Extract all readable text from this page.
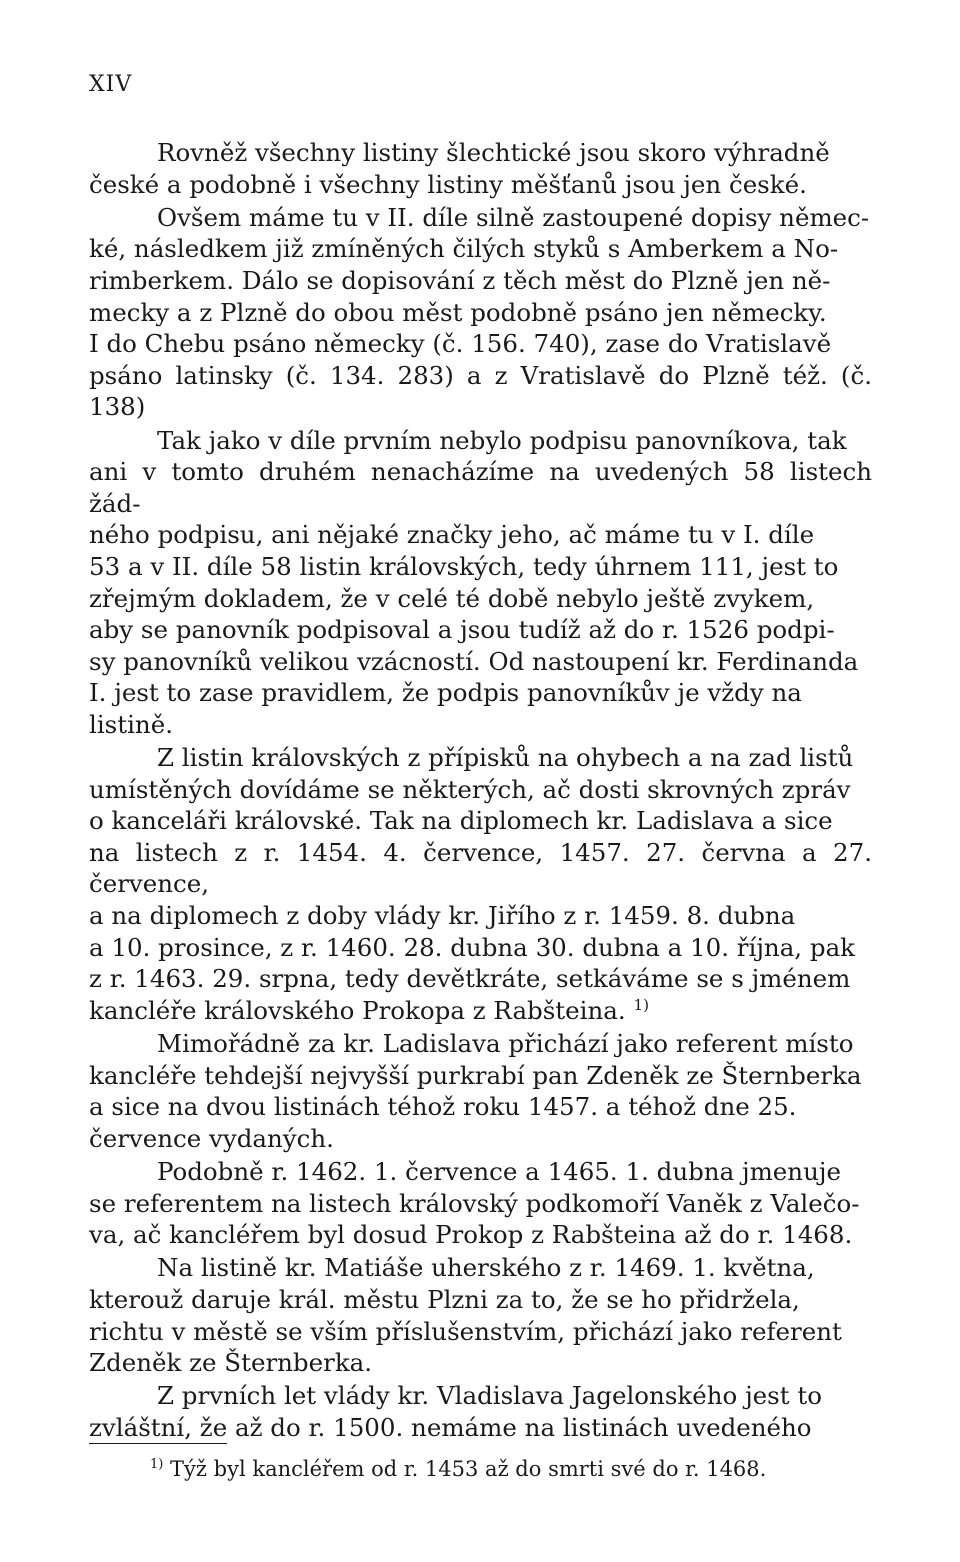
XIV

Rovněž všechny listiny šlechtické jsou skoro výhradně

české a podobně i všechny listiny měšťanů jsou jen české.

Ovšem máme tu v II. díle silně zastoupené dopisy němec-

ké, následkem již zmíněných čilých styků s Amberkem a No-

rimberkem. Dálo se dopisování z těch měst do Plzně jen ně-

mecky a z Plzně do obou měst podobně psáno jen německy.

I do Chebu psáno německy (č. 156. 740), zase do Vratislavě

psáno latinsky (č. 134. 283) a z Vratislavě do Plzně též. (č. 138)

Tak jako v díle prvním nebylo podpisu panovníkova, tak

ani v tomto druhém nenacházíme na uvedených 58 listech žád-

ného podpisu, ani nějaké značky jeho, ač máme tu v I. díle

53 a v II. díle 58 listin královských, tedy úhrnem 111, jest to

zřejmým dokladem, že v celé té době nebylo ještě zvykem,

aby se panovník podpisoval a jsou tudíž až do r. 1526 podpi-

sy panovníků velikou vzácností. Od nastoupení kr. Ferdinanda

I. jest to zase pravidlem, že podpis panovníkův je vždy na

listině.

Z listin královských z přípisků na ohybech a na zad listů

umístěných dovídáme se některých, ač dosti skrovných zpráv

o kanceláři královské. Tak na diplomech kr. Ladislava a sice

na listech z r. 1454. 4. července, 1457. 27. června a 27. července,

a na diplomech z doby vlády kr. Jiřího z r. 1459. 8. dubna

a 10. prosince, z r. 1460. 28. dubna 30. dubna a 10. října, pak

z r. 1463. 29. srpna, tedy devětkráte, setkáváme se s jménem

kancléře královského Prokopa z Rabšteina. $^{1)}$

Mimořádně za kr. Ladislava přichází jako referent místo

kancléře tehdejší nejvyšší purkrabí pan Zdeněk ze Šternberka

a sice na dvou listinách téhož roku 1457. a téhož dne 25.

července vydaných.

Podobně r. 1462. 1. července a 1465. 1. dubna jmenuje

se referentem na listech královský podkomoří Vaněk z Valečo-

va, ač kancléřem byl dosud Prokop z Rabšteina až do r. 1468.

Na listině kr. Matiáše uherského z r. 1469. 1. května,

kterouž daruje král. městu Plzni za to, že se ho přidržela,

richtu v městě se vším příslušenstvím, přichází jako referent

Zdeněk ze Šternberka.

Z prvních let vlády kr. Vladislava Jagelonského jest to

zvláštní, že až do r. 1500. nemáme na listinách uvedeného

$^{1)}$ Týž byl kancléřem od r. 1453 až do smrti své do r. 1468.
